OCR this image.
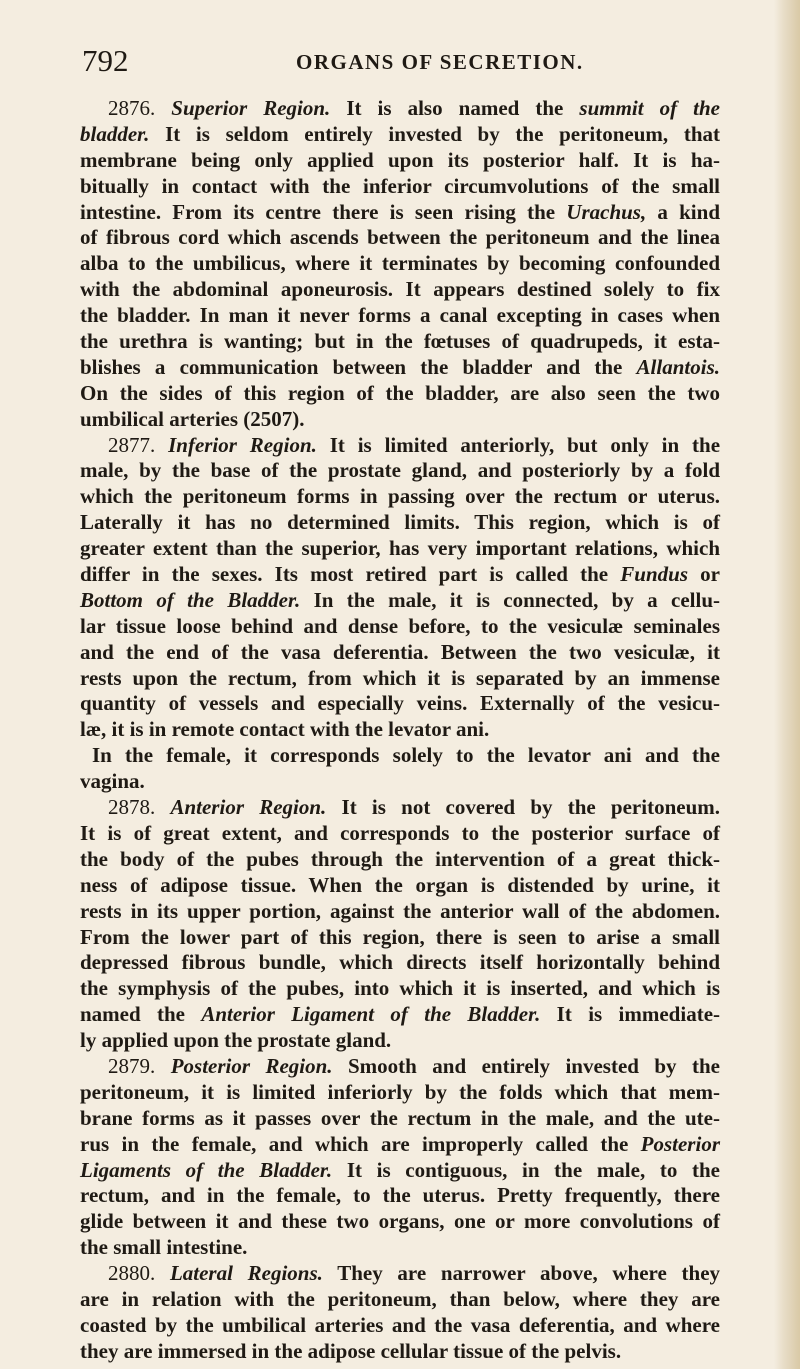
792	ORGANS OF SECRETION.
2876. Superior Region. It is also named the summit of the
bladder. It is seldom entirely invested by the peritoneum, that
membrane being only applied upon its posterior half. It is ha-
bitually in contact with the inferior circumvolutions of the small
intestine. From its centre there is seen rising the Urachus, a kind
of fibrous cord which ascends between the peritoneum and the linea
alba to the umbilicus, where it terminates by becoming confounded
with the abdominal aponeurosis. It appears destined solely to fix
the bladder. In man it never forms a canal excepting in cases when
the urethra is wanting; but in the fœtuses of quadrupeds, it esta-
blishes a communication between the bladder and the Allantois.
On the sides of this region of the bladder, are also seen the two
umbilical arteries (2507).
2877. Inferior Region. It is limited anteriorly, but only in the
male, by the base of the prostate gland, and posteriorly by a fold
which the peritoneum forms in passing over the rectum or uterus.
Laterally it has no determined limits. This region, which is of
greater extent than the superior, has very important relations, which
differ in the sexes. Its most retired part is called the Fundus or
Bottom of the Bladder. In the male, it is connected, by a cellu-
lar tissue loose behind and dense before, to the vesiculæ seminales
and the end of the vasa deferentia. Between the two vesiculæ, it
rests upon the rectum, from which it is separated by an immense
quantity of vessels and especially veins. Externally of the vesicu-
læ, it is in remote contact with the levator ani.
In the female, it corresponds solely to the levator ani and the
vagina.
2878. Anterior Region. It is not covered by the peritoneum.
It is of great extent, and corresponds to the posterior surface of
the body of the pubes through the intervention of a great thick-
ness of adipose tissue. When the organ is distended by urine, it
rests in its upper portion, against the anterior wall of the abdomen.
From the lower part of this region, there is seen to arise a small
depressed fibrous bundle, which directs itself horizontally behind
the symphysis of the pubes, into which it is inserted, and which is
named the Anterior Ligament of the Bladder. It is immediate-
ly applied upon the prostate gland.
2879. Posterior Region. Smooth and entirely invested by the
peritoneum, it is limited inferiorly by the folds which that mem-
brane forms as it passes over the rectum in the male, and the ute-
rus in the female, and which are improperly called the Posterior
Ligaments of the Bladder. It is contiguous, in the male, to the
rectum, and in the female, to the uterus. Pretty frequently, there
glide between it and these two organs, one or more convolutions of
the small intestine.
2880. Lateral Regions. They are narrower above, where they
are in relation with the peritoneum, than below, where they are
coasted by the umbilical arteries and the vasa deferentia, and where
they are immersed in the adipose cellular tissue of the pelvis.
